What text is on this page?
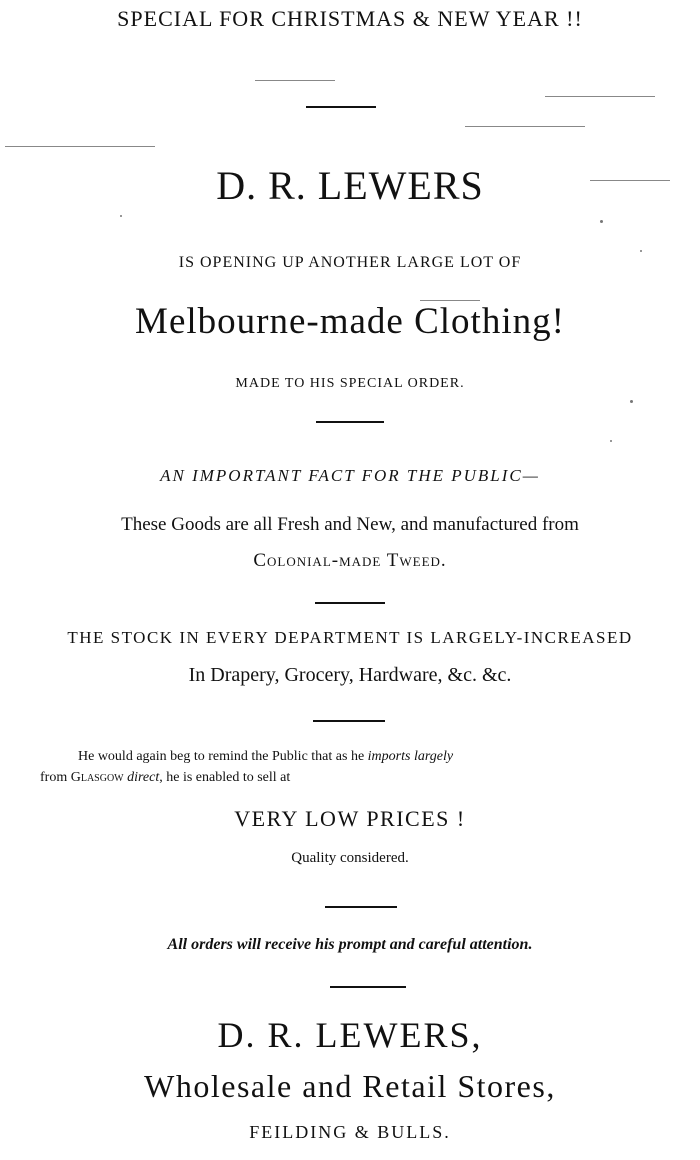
SPECIAL FOR CHRISTMAS & NEW YEAR !!
D. R. LEWERS
IS OPENING UP ANOTHER LARGE LOT OF
Melbourne-made Clothing!
MADE TO HIS SPECIAL ORDER.
AN IMPORTANT FACT FOR THE PUBLIC—
These Goods are all Fresh and New, and manufactured from
Colonial-made Tweed.
THE STOCK IN EVERY DEPARTMENT IS LARGELY-INCREASED
In Drapery, Grocery, Hardware, &c. &c.
He would again beg to remind the Public that as he imports largely
from Glasgow direct, he is enabled to sell at
VERY LOW PRICES !
Quality considered.
All orders will receive his prompt and careful attention.
D. R. LEWERS,
Wholesale and Retail Stores,
FEILDING & BULLS.
